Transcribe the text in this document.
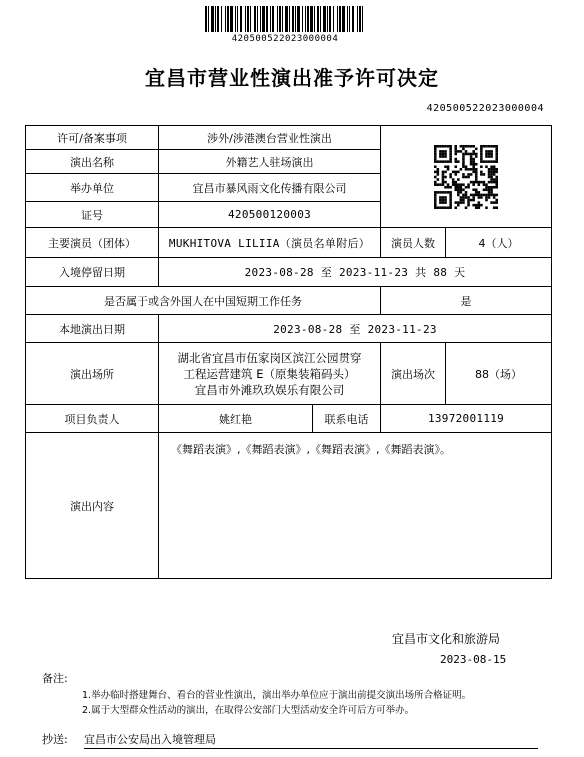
42050052202300000​4
宜昌市营业性演出准予许可决定
420500522023000004
许可/备案事项	涉外/涉港澳台营业性演出	

演出名称	外籍艺人驻场演出			
举办单位	宜昌市暴风雨文化传播有限公司			
证号	420500120003			
主要演员（团体）	MUKHITOVA LILIIA（演员名单附后）		演员人数	4（人）
入境停留日期	2023-08-28 至 2023-11-23 共 88 天			
是否属于或含外国人在中国短期工作任务			是	
本地演出日期	2023-08-28 至 2023-11-23			
演出场所	湖北省宜昌市伍家岗区滨江公园贯穿
工程运营建筑 E（原集装箱码头）
宜昌市外滩玖玖娱乐有限公司		演出场次	88（场）
项目负责人	姚红艳	联系电话	13972001119	
演出内容	《舞蹈表演》,《舞蹈表演》,《舞蹈表演》,《舞蹈表演》。			
宜昌市文化和旅游局
2023-08-15
备注:
1.举办临时搭建舞台、看台的营业性演出，演出举办单位应于演出前提交演出场所合格证明。
2.属于大型群众性活动的演出，在取得公安部门大型活动安全许可后方可举办。
抄送: 宜昌市公安局出入境管理局
